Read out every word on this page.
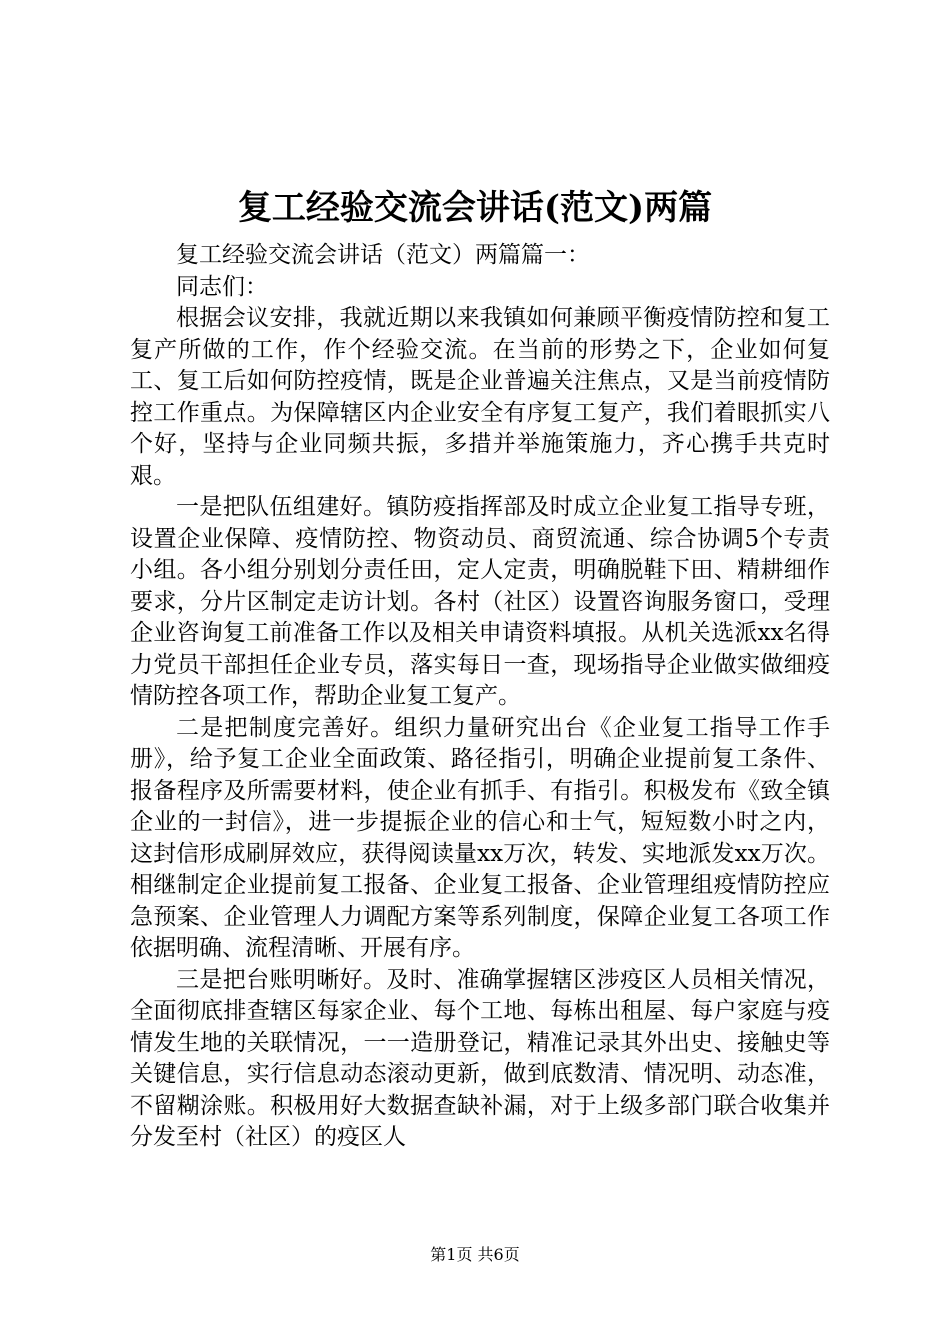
复工经验交流会讲话(范文)两篇

复工经验交流会讲话（范文）两篇篇一：

同志们：

根据会议安排，我就近期以来我镇如何兼顾平衡疫情防控和复工复产所做的工作，作个经验交流。在当前的形势之下，企业如何复工、复工后如何防控疫情，既是企业普遍关注焦点，又是当前疫情防控工作重点。为保障辖区内企业安全有序复工复产，我们着眼抓实八个好，坚持与企业同频共振，多措并举施策施力，齐心携手共克时艰。

一是把队伍组建好。镇防疫指挥部及时成立企业复工指导专班，设置企业保障、疫情防控、物资动员、商贸流通、综合协调5个专责小组。各小组分别划分责任田，定人定责，明确脱鞋下田、精耕细作要求，分片区制定走访计划。各村（社区）设置咨询服务窗口，受理企业咨询复工前准备工作以及相关申请资料填报。从机关选派xx名得力党员干部担任企业专员，落实每日一查，现场指导企业做实做细疫情防控各项工作，帮助企业复工复产。

二是把制度完善好。组织力量研究出台《企业复工指导工作手册》，给予复工企业全面政策、路径指引，明确企业提前复工条件、报备程序及所需要材料，使企业有抓手、有指引。积极发布《致全镇企业的一封信》，进一步提振企业的信心和士气，短短数小时之内，这封信形成刷屏效应，获得阅读量xx万次，转发、实地派发xx万次。相继制定企业提前复工报备、企业复工报备、企业管理组疫情防控应急预案、企业管理人力调配方案等系列制度，保障企业复工各项工作依据明确、流程清晰、开展有序。

三是把台账明晰好。及时、准确掌握辖区涉疫区人员相关情况，全面彻底排查辖区每家企业、每个工地、每栋出租屋、每户家庭与疫情发生地的关联情况，一一造册登记，精准记录其外出史、接触史等关键信息，实行信息动态滚动更新，做到底数清、情况明、动态准，不留糊涂账。积极用好大数据查缺补漏，对于上级多部门联合收集并分发至村（社区）的疫区人

第1页 共6页
